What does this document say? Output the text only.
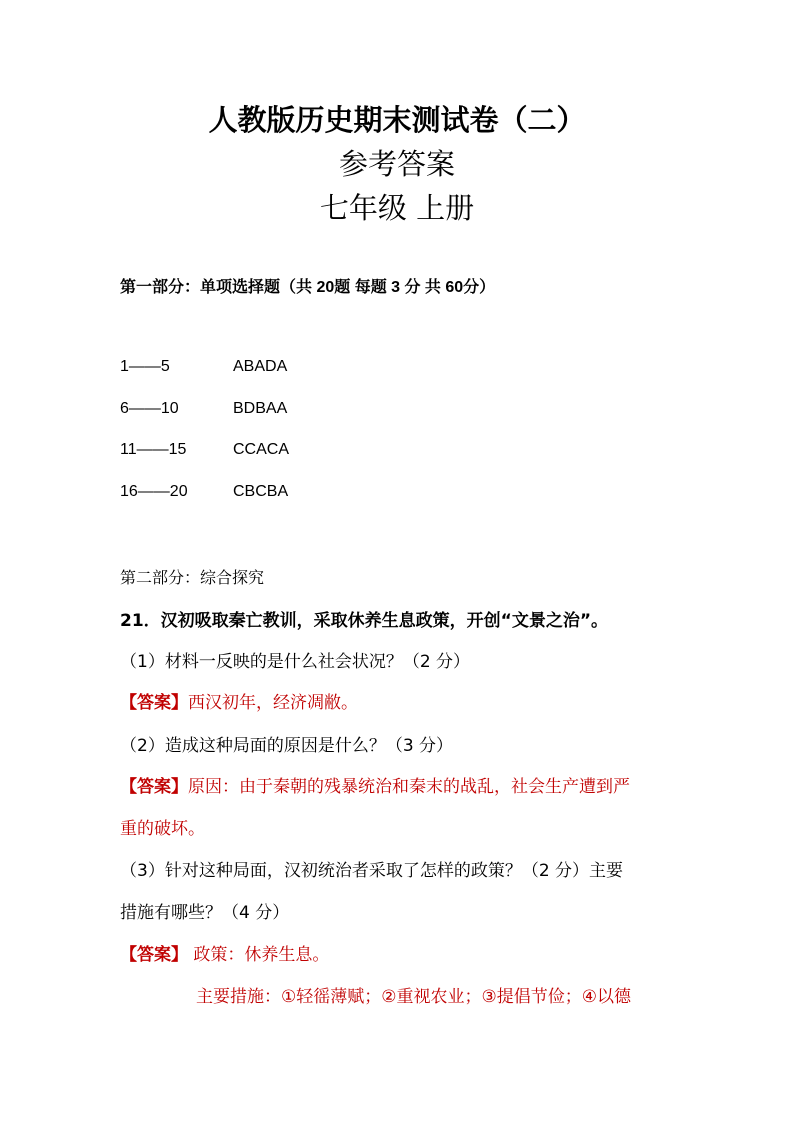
人教版历史期末测试卷（二）
参考答案
七年级 上册
第一部分：单项选择题（共 20题 每题 3 分 共 60分）
1——5	ABADA
6——10	BDBAA
11——15	CCACA
16——20	CBCBA
第二部分：综合探究
21．汉初吸取秦亡教训，采取休养生息政策，开创“文景之治”。
（1）材料一反映的是什么社会状况？（2 分）
【答案】西汉初年，经济凋敝。
（2）造成这种局面的原因是什么？（3 分）
【答案】原因：由于秦朝的残暴统治和秦末的战乱，社会生产遭到严
重的破坏。
（3）针对这种局面，汉初统治者采取了怎样的政策？（2 分）主要
措施有哪些？（4 分）
【答案】 政策：休养生息。
主要措施：①轻徭薄赋；②重视农业；③提倡节俭；④以德
